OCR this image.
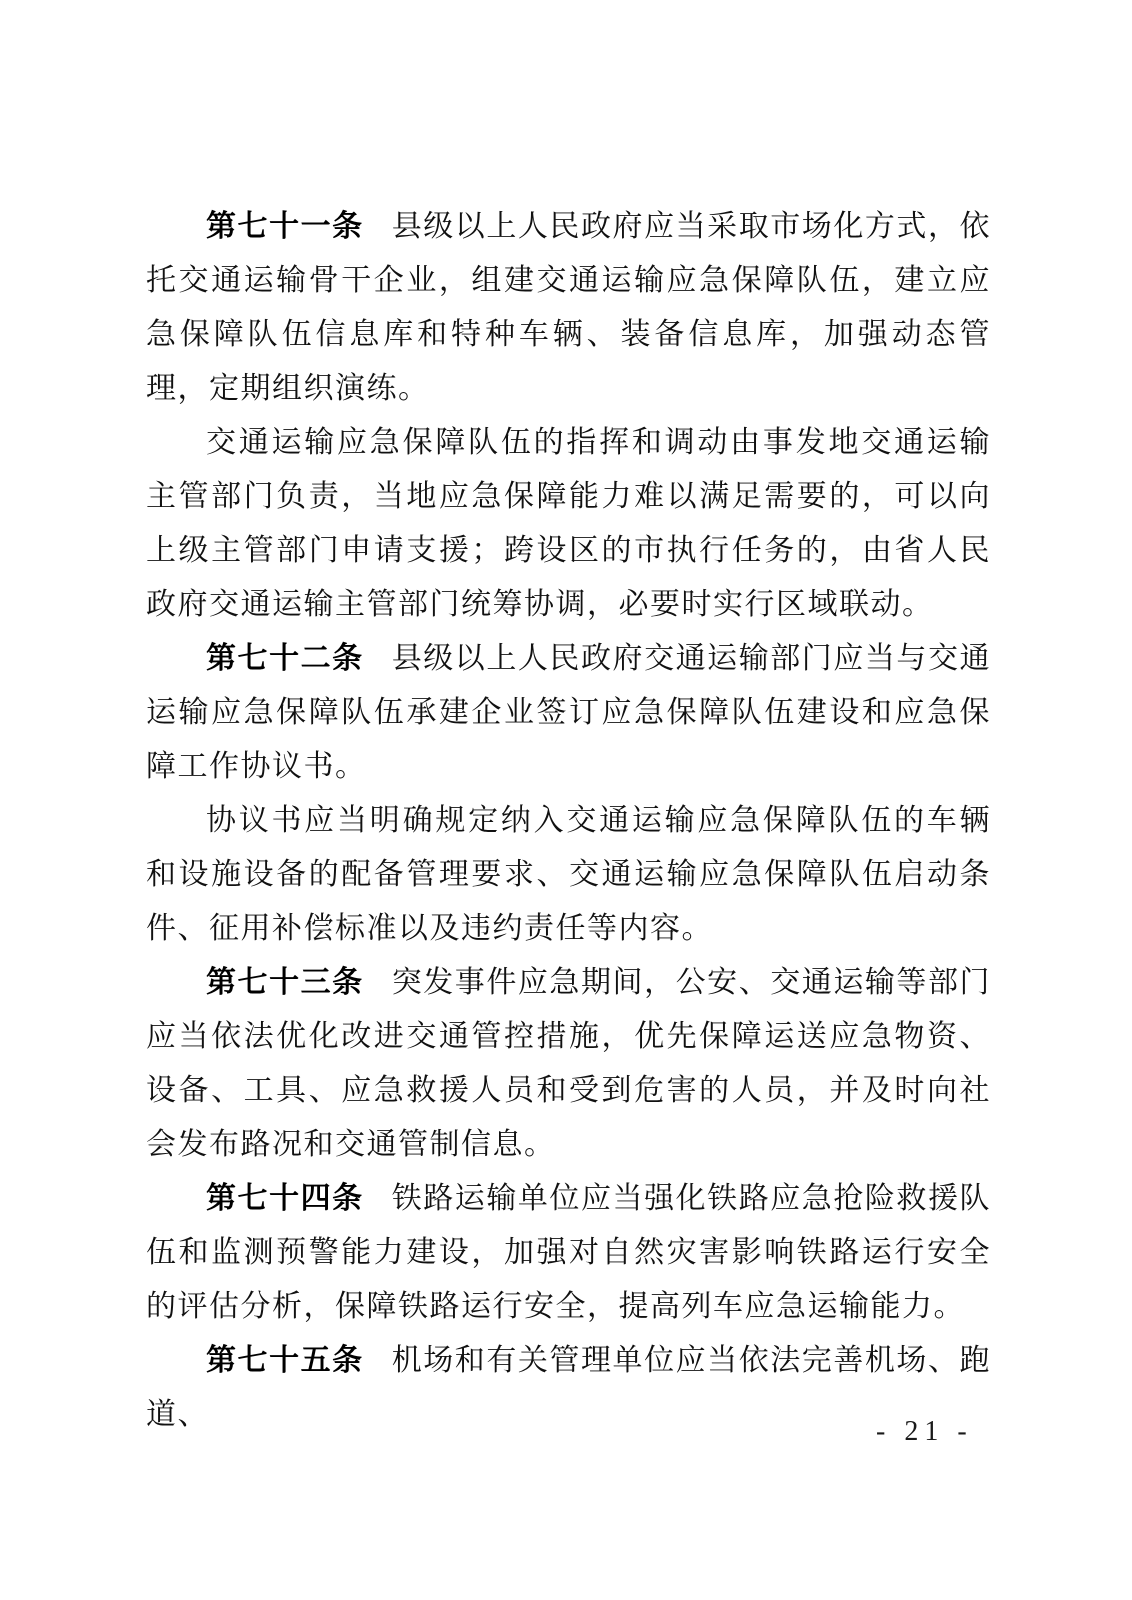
第七十一条 县级以上人民政府应当采取市场化方式，依托交通运输骨干企业，组建交通运输应急保障队伍，建立应急保障队伍信息库和特种车辆、装备信息库，加强动态管理，定期组织演练。

交通运输应急保障队伍的指挥和调动由事发地交通运输主管部门负责，当地应急保障能力难以满足需要的，可以向上级主管部门申请支援；跨设区的市执行任务的，由省人民政府交通运输主管部门统筹协调，必要时实行区域联动。

第七十二条 县级以上人民政府交通运输部门应当与交通运输应急保障队伍承建企业签订应急保障队伍建设和应急保障工作协议书。

协议书应当明确规定纳入交通运输应急保障队伍的车辆和设施设备的配备管理要求、交通运输应急保障队伍启动条件、征用补偿标准以及违约责任等内容。

第七十三条 突发事件应急期间，公安、交通运输等部门应当依法优化改进交通管控措施，优先保障运送应急物资、设备、工具、应急救援人员和受到危害的人员，并及时向社会发布路况和交通管制信息。

第七十四条 铁路运输单位应当强化铁路应急抢险救援队伍和监测预警能力建设，加强对自然灾害影响铁路运行安全的评估分析，保障铁路运行安全，提高列车应急运输能力。

第七十五条 机场和有关管理单位应当依法完善机场、跑道、

- 21 -
